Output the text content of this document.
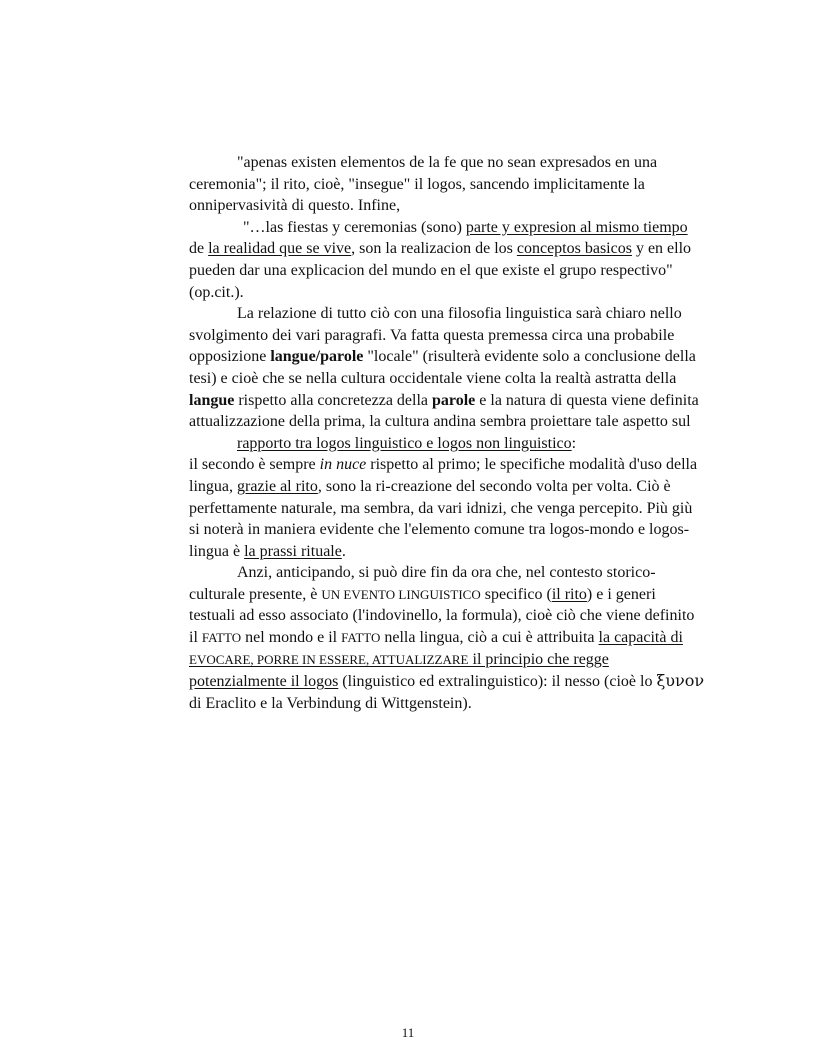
"apenas existen elementos de la fe que no sean expresados en una ceremonia"; il rito, cioè, "insegue" il logos, sancendo implicitamente la onnipervasività di questo. Infine,

"…las fiestas y ceremonias (sono) parte y expresion al mismo tiempo de la realidad que se vive, son la realizacion de los conceptos basicos y en ello pueden dar una explicacion del mundo en el que existe el grupo respectivo" (op.cit.).

La relazione di tutto ciò con una filosofia linguistica sarà chiaro nello svolgimento dei vari paragrafi. Va fatta questa premessa circa una probabile opposizione langue/parole "locale" (risulterà evidente solo a conclusione della tesi) e cioè che se nella cultura occidentale viene colta la realtà astratta della langue rispetto alla concretezza della parole e la natura di questa viene definita attualizzazione della prima, la cultura andina sembra proiettare tale aspetto sul

rapporto tra logos linguistico e logos non linguistico:

il secondo è sempre in nuce rispetto al primo; le specifiche modalità d'uso della lingua, grazie al rito, sono la ri-creazione del secondo volta per volta. Ciò è perfettamente naturale, ma sembra, da vari idnizi, che venga percepito. Più giù si noterà in maniera evidente che l'elemento comune tra logos-mondo e logos-lingua è la prassi rituale.

Anzi, anticipando, si può dire fin da ora che, nel contesto storico-culturale presente, è UN EVENTO LINGUISTICO specifico (il rito) e i generi testuali ad esso associato (l'indovinello, la formula), cioè ciò che viene definito il FATTO nel mondo e il FATTO nella lingua, ciò a cui è attribuita la capacità di EVOCARE, PORRE IN ESSERE, ATTUALIZZARE il principio che regge potenzialmente il logos (linguistico ed extralinguistico): il nesso (cioè lo ξυνον di Eraclito e la Verbindung di Wittgenstein).

11
